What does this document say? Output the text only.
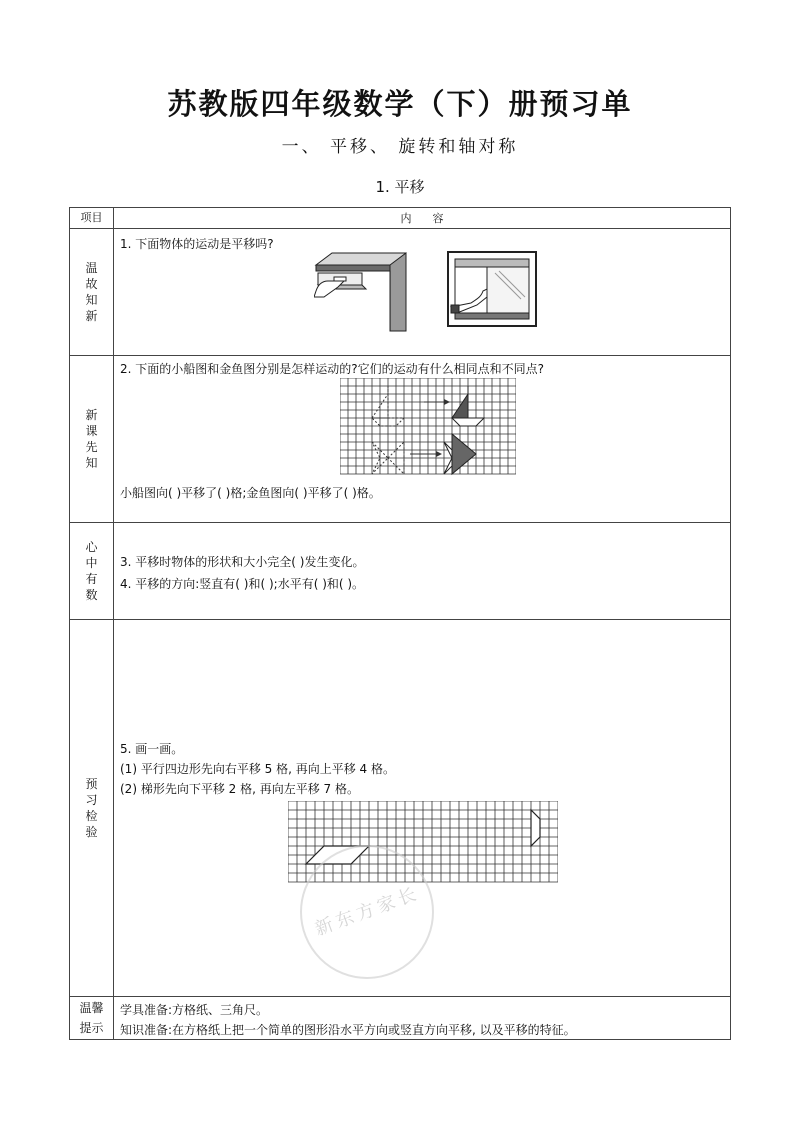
苏教版四年级数学（下）册预习单
一、 平移、 旋转和轴对称
1. 平移
项目	内      容
温故知新	1. 下面物体的运动是平移吗?

新课先知	2. 下面的小船图和金鱼图分别是怎样运动的?它们的运动有什么相同点和不同点?
小船图向( )平移了( )格;金鱼图向( )平移了( )格。

心中有数	3. 平移时物体的形状和大小完全( )发生变化。
4. 平移的方向:竖直有( )和( );水平有( )和( )。

预习检验	5. 画一画。
(1) 平行四边形先向右平移 5 格, 再向上平移 4 格。
(2) 梯形先向下平移 2 格, 再向左平移 7 格。
新东方家长

温馨提示	学具准备:方格纸、三角尺。
知识准备:在方格纸上把一个简单的图形沿水平方向或竖直方向平移, 以及平移的特征。
